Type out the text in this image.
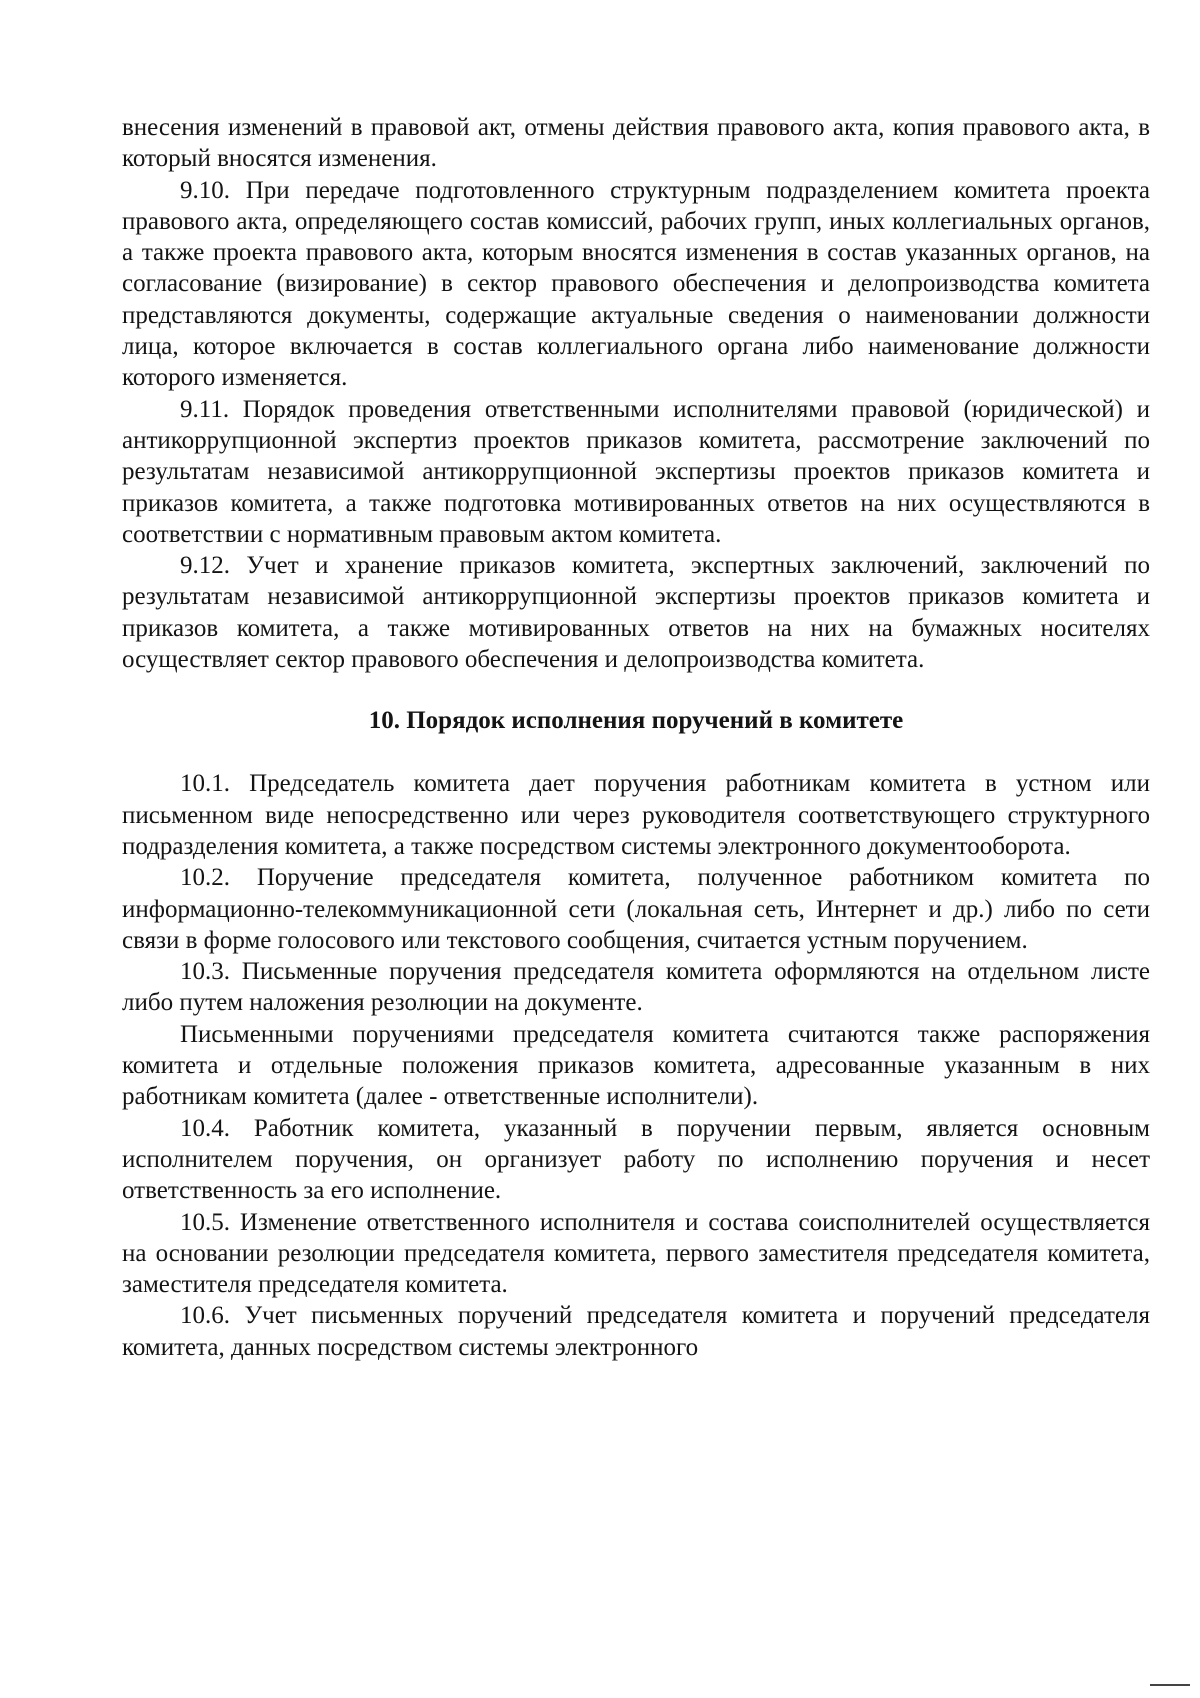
внесения изменений в правовой акт, отмены действия правового акта, копия правового акта, в который вносятся изменения.

9.10. При передаче подготовленного структурным подразделением комитета проекта правового акта, определяющего состав комиссий, рабочих групп, иных коллегиальных органов, а также проекта правового акта, которым вносятся изменения в состав указанных органов, на согласование (визирование) в сектор правового обеспечения и делопроизводства комитета представляются документы, содержащие актуальные сведения о наименовании должности лица, которое включается в состав коллегиального органа либо наименование должности которого изменяется.

9.11. Порядок проведения ответственными исполнителями правовой (юридической) и антикоррупционной экспертиз проектов приказов комитета, рассмотрение заключений по результатам независимой антикоррупционной экспертизы проектов приказов комитета и приказов комитета, а также подготовка мотивированных ответов на них осуществляются в соответствии с нормативным правовым актом комитета.

9.12. Учет и хранение приказов комитета, экспертных заключений, заключений по результатам независимой антикоррупционной экспертизы проектов приказов комитета и приказов комитета, а также мотивированных ответов на них на бумажных носителях осуществляет сектор правового обеспечения и делопроизводства комитета.

10. Порядок исполнения поручений в комитете

10.1. Председатель комитета дает поручения работникам комитета в устном или письменном виде непосредственно или через руководителя соответствующего структурного подразделения комитета, а также посредством системы электронного документооборота.

10.2. Поручение председателя комитета, полученное работником комитета по информационно-телекоммуникационной сети (локальная сеть, Интернет и др.) либо по сети связи в форме голосового или текстового сообщения, считается устным поручением.

10.3. Письменные поручения председателя комитета оформляются на отдельном листе либо путем наложения резолюции на документе.

Письменными поручениями председателя комитета считаются также распоряжения комитета и отдельные положения приказов комитета, адресованные указанным в них работникам комитета (далее - ответственные исполнители).

10.4. Работник комитета, указанный в поручении первым, является основным исполнителем поручения, он организует работу по исполнению поручения и несет ответственность за его исполнение.

10.5. Изменение ответственного исполнителя и состава соисполнителей осуществляется на основании резолюции председателя комитета, первого заместителя председателя комитета, заместителя председателя комитета.

10.6. Учет письменных поручений председателя комитета и поручений председателя комитета, данных посредством системы электронного
